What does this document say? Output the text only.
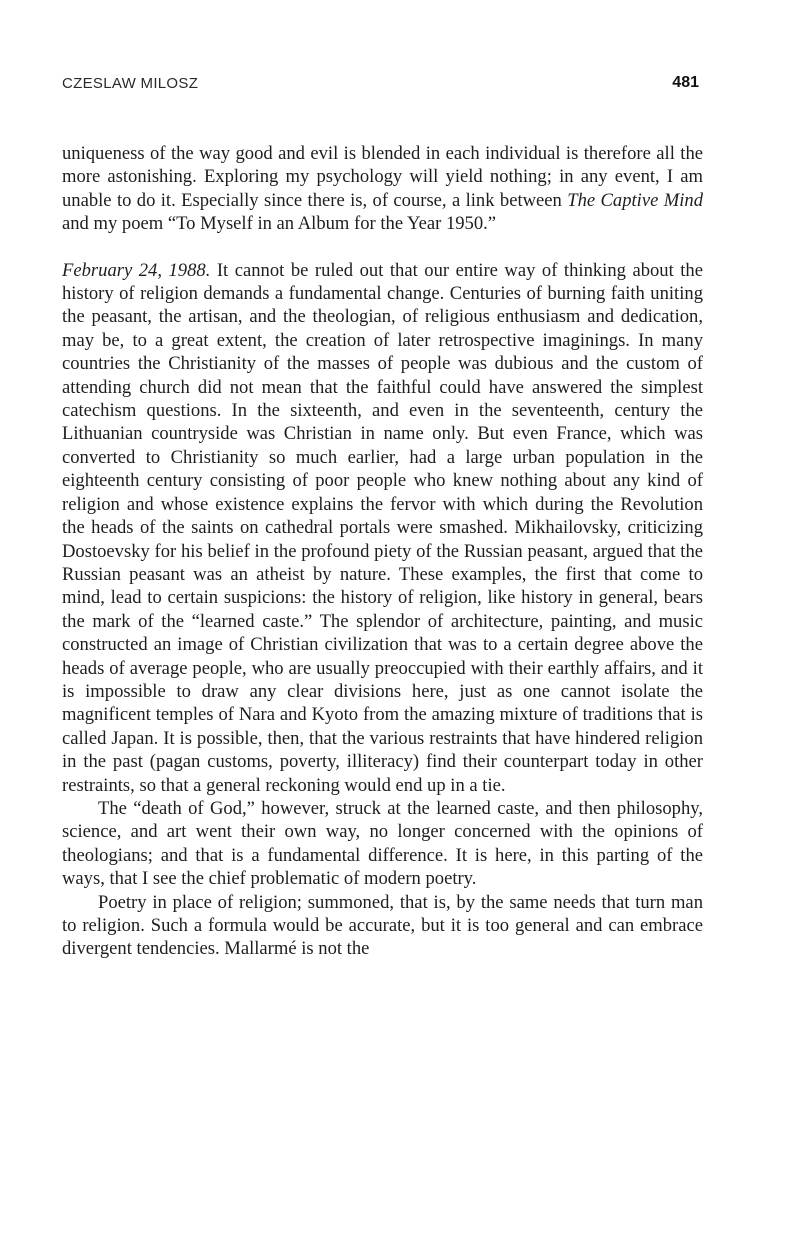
CZESLAW MILOSZ	481

uniqueness of the way good and evil is blended in each individual is therefore all the more astonishing. Exploring my psychology will yield nothing; in any event, I am unable to do it. Especially since there is, of course, a link between The Captive Mind and my poem “To Myself in an Album for the Year 1950.”

February 24, 1988. It cannot be ruled out that our entire way of thinking about the history of religion demands a fundamental change. Centuries of burning faith uniting the peasant, the artisan, and the theologian, of religious enthusiasm and dedication, may be, to a great extent, the creation of later retrospective imaginings. In many countries the Christianity of the masses of people was dubious and the custom of attending church did not mean that the faithful could have answered the simplest catechism questions. In the sixteenth, and even in the seventeenth, century the Lithuanian countryside was Christian in name only. But even France, which was converted to Christianity so much earlier, had a large urban population in the eighteenth century consisting of poor people who knew nothing about any kind of religion and whose existence explains the fervor with which during the Revolution the heads of the saints on cathedral portals were smashed. Mikhailovsky, criticizing Dostoevsky for his belief in the profound piety of the Russian peasant, argued that the Russian peasant was an atheist by nature. These examples, the first that come to mind, lead to certain suspicions: the history of religion, like history in general, bears the mark of the “learned caste.” The splendor of architecture, painting, and music constructed an image of Christian civilization that was to a certain degree above the heads of average people, who are usually preoccupied with their earthly affairs, and it is impossible to draw any clear divisions here, just as one cannot isolate the magnificent temples of Nara and Kyoto from the amazing mixture of traditions that is called Japan. It is possible, then, that the various restraints that have hindered religion in the past (pagan customs, poverty, illiteracy) find their counterpart today in other restraints, so that a general reckoning would end up in a tie.

The “death of God,” however, struck at the learned caste, and then philosophy, science, and art went their own way, no longer concerned with the opinions of theologians; and that is a fundamental difference. It is here, in this parting of the ways, that I see the chief problematic of modern poetry.

Poetry in place of religion; summoned, that is, by the same needs that turn man to religion. Such a formula would be accurate, but it is too general and can embrace divergent tendencies. Mallarmé is not the
